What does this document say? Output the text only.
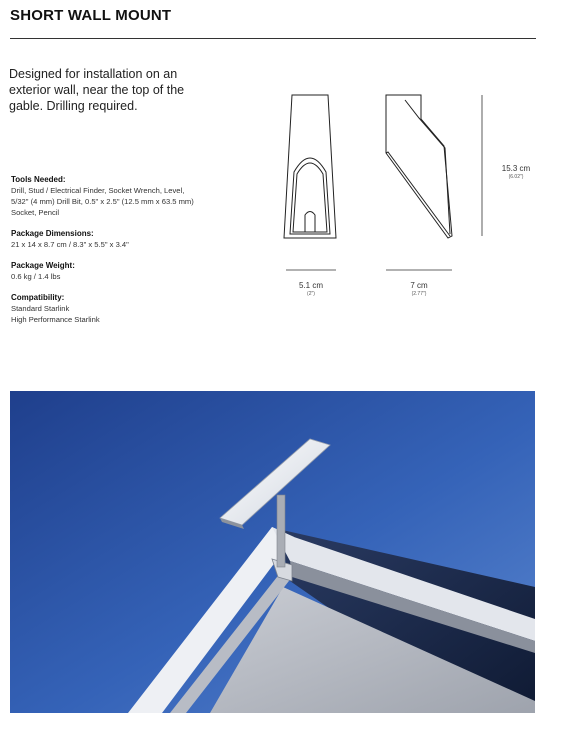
SHORT WALL MOUNT
Designed for installation on an
exterior wall, near the top of the
gable. Drilling required.
Tools Needed:
Drill, Stud / Electrical Finder, Socket Wrench, Level,
5/32" (4 mm) Drill Bit, 0.5" x 2.5" (12.5 mm x 63.5 mm)
Socket, Pencil
Package Dimensions:
21 x 14 x 8.7 cm / 8.3" x 5.5" x 3.4"
Package Weight:
0.6 kg / 1.4 lbs
Compatibility:
Standard Starlink
High Performance Starlink
5.1 cm
(2")
7 cm
(2.77")
15.3 cm
(6.02")
